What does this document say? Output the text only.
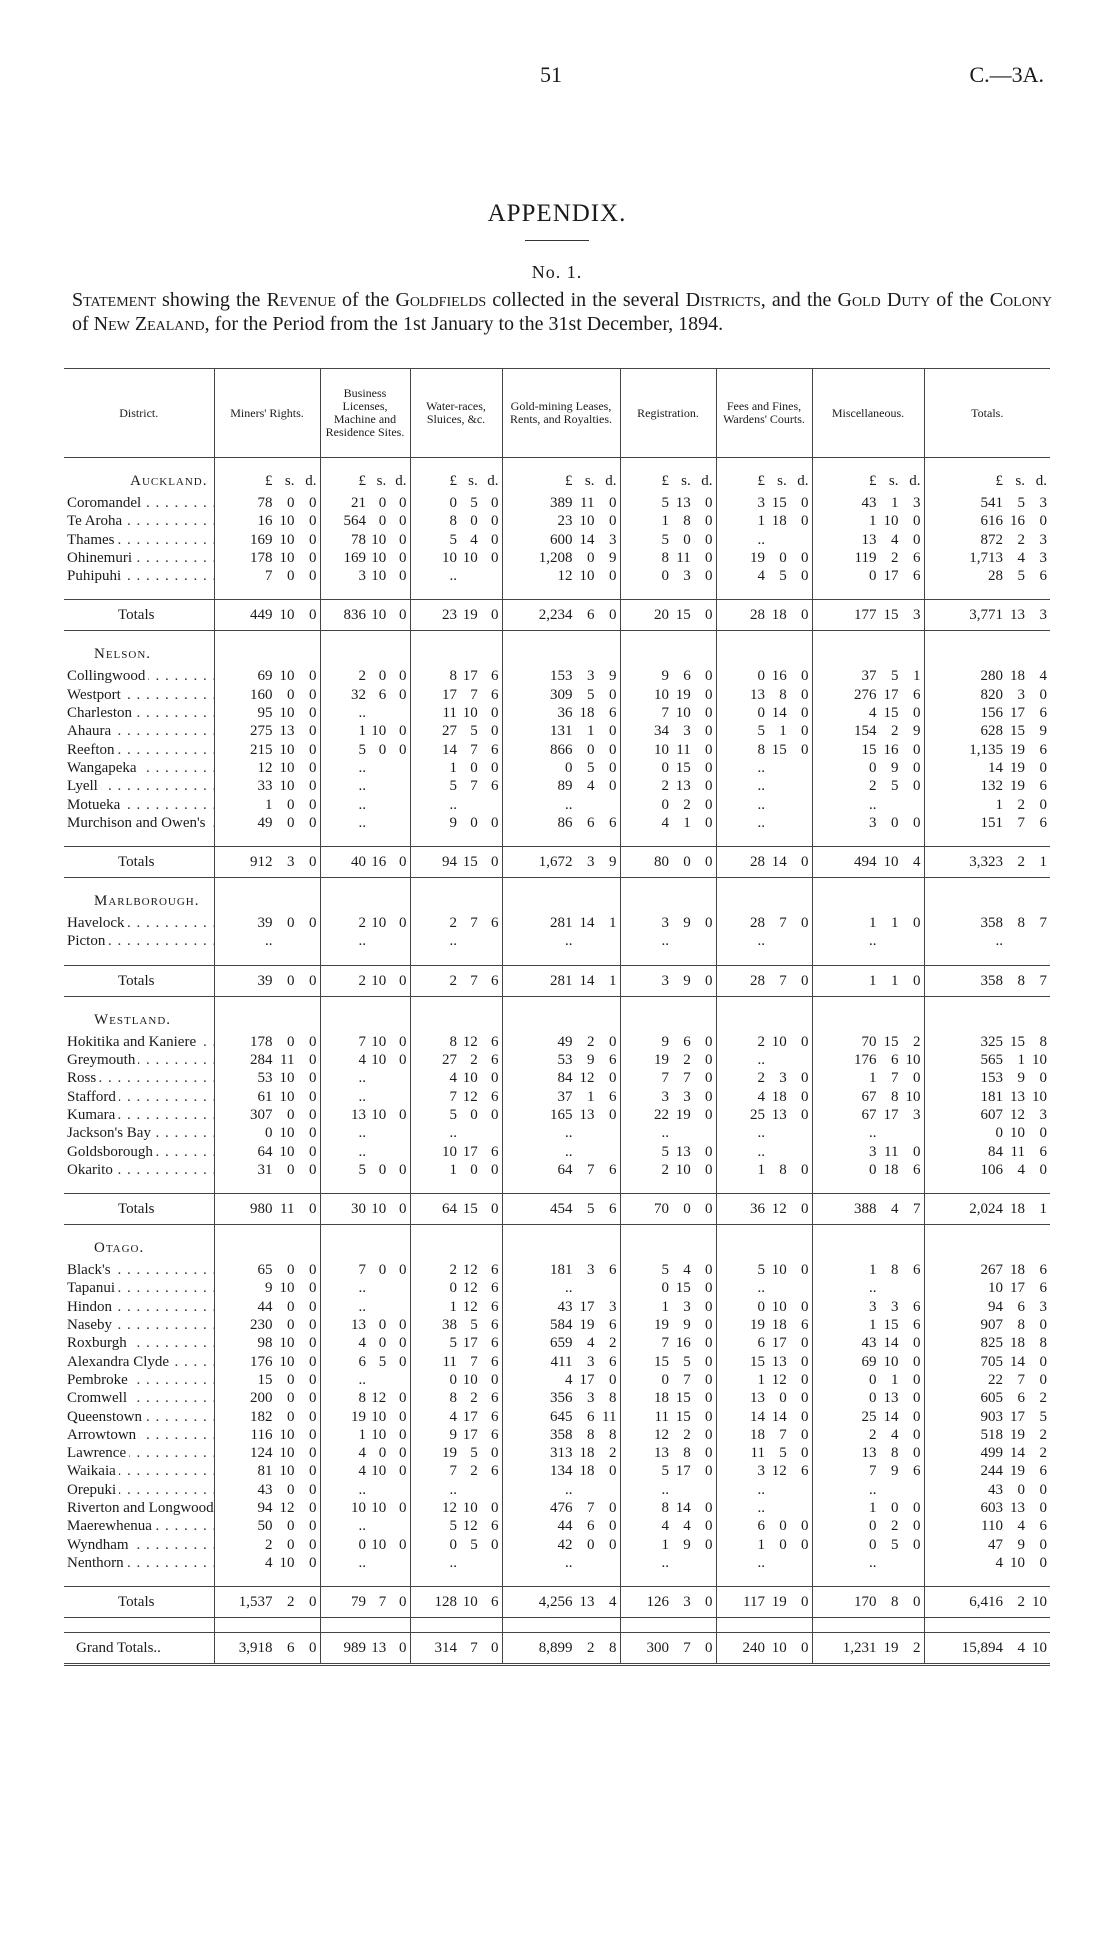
51	C.—3A.
APPENDIX.
No. 1.
Statement showing the Revenue of the Goldfields collected in the several Districts, and the Gold Duty of the Colony of New Zealand, for the Period from the 1st January to the 31st December, 1894.
District.	Miners' Rights.	Business Licenses, Machine and Residence Sites.	Water-races, Sluices, &c.	Gold-mining Leases, Rents, and Royalties.	Registration.	Fees and Fines, Wardens' Courts.	Miscellaneous.	Totals.

Auckland.	£ s. d.	£ s. d.	£ s. d.	£ s. d.	£ s. d.	£ s. d.	£ s. d.	£ s. d.

Coromandel . . .	78 0 0	21 0 0	0 5 0	389 11 0	5 13 0	3 15 0	43 1 3	541 5 3

Te Aroha . . .	16 10 0	564 0 0	8 0 0	23 10 0	1 8 0	1 18 0	1 10 0	616 16 0

Thames . . .	169 10 0	78 10 0	5 4 0	600 14 3	5 0 0	..	13 4 0	872 2 3

Ohinemuri . . .	178 10 0	169 10 0	10 10 0	1,208 0 9	8 11 0	19 0 0	119 2 6	1,713 4 3

Puhipuhi . . .	7 0 0	3 10 0	..	12 10 0	0 3 0	4 5 0	0 17 6	28 5 6

Totals	449 10 0	836 10 0	23 19 0	2,234 6 0	20 15 0	28 18 0	177 15 3	3,771 13 3

Nelson.								
Collingwood . . .	69 10 0	2 0 0	8 17 6	153 3 9	9 6 0	0 16 0	37 5 1	280 18 4

Westport . . .	160 0 0	32 6 0	17 7 6	309 5 0	10 19 0	13 8 0	276 17 6	820 3 0

Charleston . . .	95 10 0	..	11 10 0	36 18 6	7 10 0	0 14 0	4 15 0	156 17 6

Ahaura . . .	275 13 0	1 10 0	27 5 0	131 1 0	34 3 0	5 1 0	154 2 9	628 15 9

Reefton . . .	215 10 0	5 0 0	14 7 6	866 0 0	10 11 0	8 15 0	15 16 0	1,135 19 6

Wangapeka . . .	12 10 0	..	1 0 0	0 5 0	0 15 0	..	0 9 0	14 19 0

Lyell . . .	33 10 0	..	5 7 6	89 4 0	2 13 0	..	2 5 0	132 19 6

Motueka . . .	1 0 0	..	..	..	0 2 0	..	..	1 2 0

Murchison and Owen's . . .	49 0 0	..	9 0 0	86 6 6	4 1 0	..	3 0 0	151 7 6

Totals	912 3 0	40 16 0	94 15 0	1,672 3 9	80 0 0	28 14 0	494 10 4	3,323 2 1

Marlborough.								
Havelock . . .	39 0 0	2 10 0	2 7 6	281 14 1	3 9 0	28 7 0	1 1 0	358 8 7

Picton . . .	..	..	..	..	..	..	..	..

Totals	39 0 0	2 10 0	2 7 6	281 14 1	3 9 0	28 7 0	1 1 0	358 8 7

Westland.								
Hokitika and Kaniere . . .	178 0 0	7 10 0	8 12 6	49 2 0	9 6 0	2 10 0	70 15 2	325 15 8

Greymouth . . .	284 11 0	4 10 0	27 2 6	53 9 6	19 2 0	..	176 6 10	565 1 10

Ross . . .	53 10 0	..	4 10 0	84 12 0	7 7 0	2 3 0	1 7 0	153 9 0

Stafford . . .	61 10 0	..	7 12 6	37 1 6	3 3 0	4 18 0	67 8 10	181 13 10

Kumara . . .	307 0 0	13 10 0	5 0 0	165 13 0	22 19 0	25 13 0	67 17 3	607 12 3

Jackson's Bay . . .	0 10 0	..	..	..	..	..	..	0 10 0

Goldsborough . . .	64 10 0	..	10 17 6	..	5 13 0	..	3 11 0	84 11 6

Okarito . . .	31 0 0	5 0 0	1 0 0	64 7 6	2 10 0	1 8 0	0 18 6	106 4 0

Totals	980 11 0	30 10 0	64 15 0	454 5 6	70 0 0	36 12 0	388 4 7	2,024 18 1

Otago.								
Black's . . .	65 0 0	7 0 0	2 12 6	181 3 6	5 4 0	5 10 0	1 8 6	267 18 6

Tapanui . . .	9 10 0	..	0 12 6	..	0 15 0	..	..	10 17 6

Hindon . . .	44 0 0	..	1 12 6	43 17 3	1 3 0	0 10 0	3 3 6	94 6 3

Naseby . . .	230 0 0	13 0 0	38 5 6	584 19 6	19 9 0	19 18 6	1 15 6	907 8 0

Roxburgh . . .	98 10 0	4 0 0	5 17 6	659 4 2	7 16 0	6 17 0	43 14 0	825 18 8

Alexandra Clyde . . .	176 10 0	6 5 0	11 7 6	411 3 6	15 5 0	15 13 0	69 10 0	705 14 0

Pembroke . . .	15 0 0	..	0 10 0	4 17 0	0 7 0	1 12 0	0 1 0	22 7 0

Cromwell . . .	200 0 0	8 12 0	8 2 6	356 3 8	18 15 0	13 0 0	0 13 0	605 6 2

Queenstown . . .	182 0 0	19 10 0	4 17 6	645 6 11	11 15 0	14 14 0	25 14 0	903 17 5

Arrowtown . . .	116 10 0	1 10 0	9 17 6	358 8 8	12 2 0	18 7 0	2 4 0	518 19 2

Lawrence . . .	124 10 0	4 0 0	19 5 0	313 18 2	13 8 0	11 5 0	13 8 0	499 14 2

Waikaia . . .	81 10 0	4 10 0	7 2 6	134 18 0	5 17 0	3 12 6	7 9 6	244 19 6

Orepuki . . .	43 0 0	..	..	..	..	..	..	43 0 0

Riverton and Longwood . . .	94 12 0	10 10 0	12 10 0	476 7 0	8 14 0	..	1 0 0	603 13 0

Maerewhenua . . .	50 0 0	..	5 12 6	44 6 0	4 4 0	6 0 0	0 2 0	110 4 6

Wyndham . . .	2 0 0	0 10 0	0 5 0	42 0 0	1 9 0	1 0 0	0 5 0	47 9 0

Nenthorn . . .	4 10 0	..	..	..	..	..	..	4 10 0

Totals	1,537 2 0	79 7 0	128 10 6	4,256 13 4	126 3 0	117 19 0	170 8 0	6,416 2 10

Grand Totals..	3,918 6 0	989 13 0	314 7 0	8,899 2 8	300 7 0	240 10 0	1,231 19 2	15,894 4 10
